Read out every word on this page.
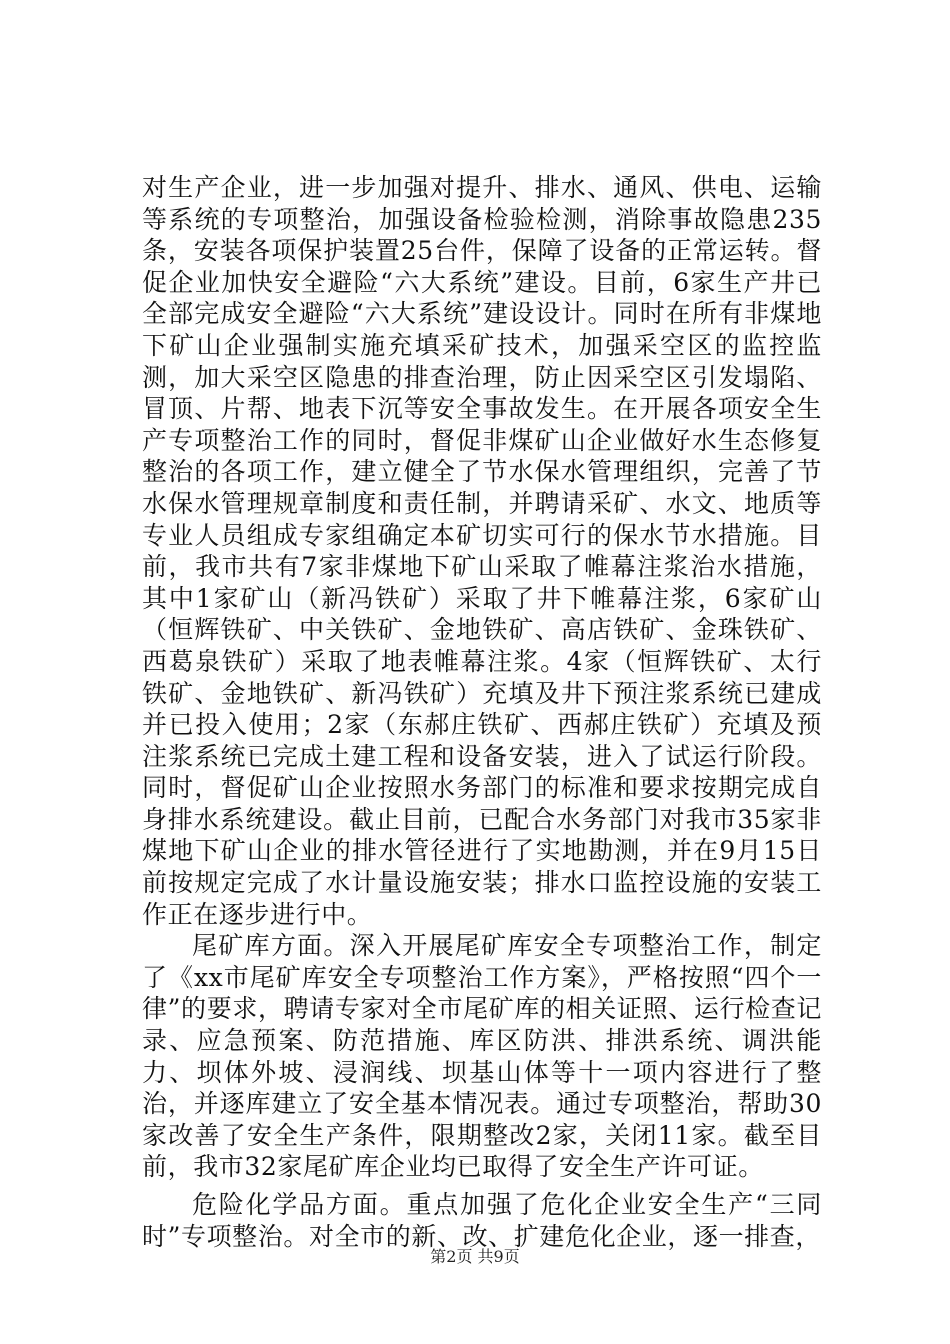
对生产企业，进一步加强对提升、排水、通风、供电、运输等系统的专项整治，加强设备检验检测，消除事故隐患235条，安装各项保护装置25台件，保障了设备的正常运转。督促企业加快安全避险“六大系统”建设。目前，6家生产井已全部完成安全避险“六大系统”建设设计。同时在所有非煤地下矿山企业强制实施充填采矿技术，加强采空区的监控监测，加大采空区隐患的排查治理，防止因采空区引发塌陷、冒顶、片帮、地表下沉等安全事故发生。在开展各项安全生产专项整治工作的同时，督促非煤矿山企业做好水生态修复整治的各项工作，建立健全了节水保水管理组织，完善了节水保水管理规章制度和责任制，并聘请采矿、水文、地质等专业人员组成专家组确定本矿切实可行的保水节水措施。目前，我市共有7家非煤地下矿山采取了帷幕注浆治水措施，其中1家矿山（新冯铁矿）采取了井下帷幕注浆，6家矿山（恒辉铁矿、中关铁矿、金地铁矿、高店铁矿、金珠铁矿、西葛泉铁矿）采取了地表帷幕注浆。4家（恒辉铁矿、太行铁矿、金地铁矿、新冯铁矿）充填及井下预注浆系统已建成并已投入使用；2家（东郝庄铁矿、西郝庄铁矿）充填及预注浆系统已完成土建工程和设备安装，进入了试运行阶段。同时，督促矿山企业按照水务部门的标准和要求按期完成自身排水系统建设。截止目前，已配合水务部门对我市35家非煤地下矿山企业的排水管径进行了实地勘测，并在9月15日前按规定完成了水计量设施安装；排水口监控设施的安装工作正在逐步进行中。

尾矿库方面。深入开展尾矿库安全专项整治工作，制定了《xx市尾矿库安全专项整治工作方案》，严格按照“四个一律”的要求，聘请专家对全市尾矿库的相关证照、运行检查记录、应急预案、防范措施、库区防洪、排洪系统、调洪能力、坝体外坡、浸润线、坝基山体等十一项内容进行了整治，并逐库建立了安全基本情况表。通过专项整治，帮助30家改善了安全生产条件，限期整改2家，关闭11家。截至目前，我市32家尾矿库企业均已取得了安全生产许可证。

危险化学品方面。重点加强了危化企业安全生产“三同时”专项整治。对全市的新、改、扩建危化企业，逐一排查，

第2页 共9页
